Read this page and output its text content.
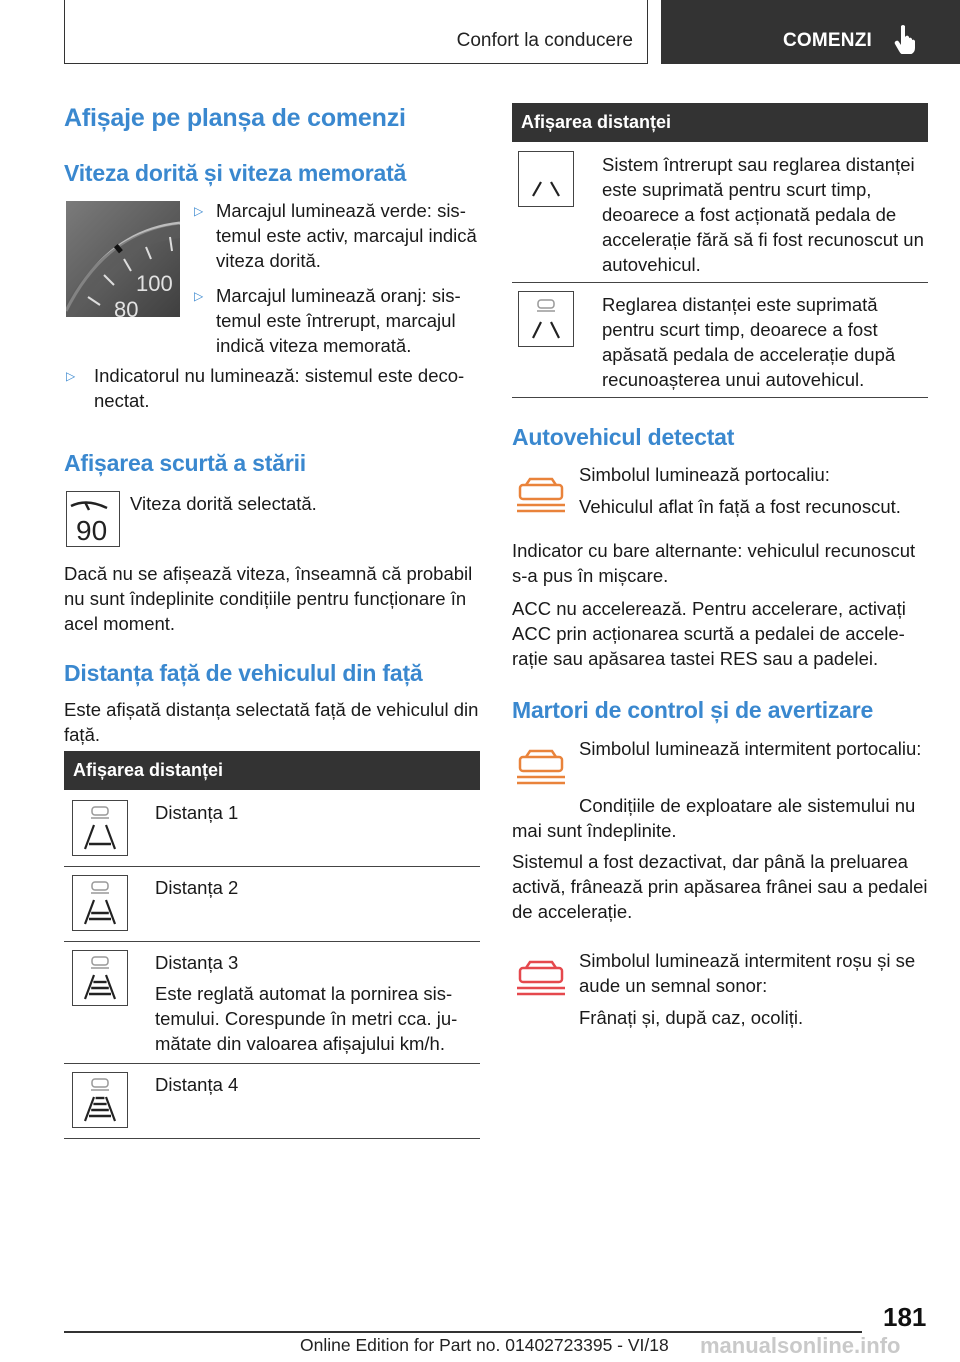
Confort la conducere	COMENZI
Afișaje pe planșa de comenzi
Viteza dorită și viteza memorată
100
80
▷ Marcajul luminează verde: sistemul este activ, marcajul indică viteza dorită.
▷ Marcajul luminează oranj: sistemul este întrerupt, marcajul indică viteza memorată.
▷	Indicatorul nu luminează: sistemul este deconectat.
Afișarea scurtă a stării
90

Viteza dorită selectată.

Dacă nu se afișează viteza, înseamnă că probabil nu sunt îndeplinite condițiile pentru funcționare în acel moment.

Distanța față de vehiculul din față

Este afișată distanța selectată față de vehiculul din față.

Afișarea distanței

Distanța 1

Distanța 2

Distanța 3

Este reglată automat la pornirea sistemului. Corespunde în metri cca. jumătate din valoarea afișajului km/h.

Distanța 4

Afișarea distanței

Sistem întrerupt sau reglarea distanței este suprimată pentru scurt timp, deoarece a fost acționată pedala de accelerație fără să fi fost recunoscut un autovehicul.

Reglarea distanței este suprimată pentru scurt timp, deoarece a fost apăsată pedala de accelerație după recunoașterea unui autovehicul.

Autovehicul detectat

Simbolul luminează portocaliu:

Vehiculul aflat în față a fost recunoscut.

Indicator cu bare alternante: vehiculul recunoscut s-a pus în mișcare.

ACC nu accelerează. Pentru accelerare, activați ACC prin acționarea scurtă a pedalei de accelerație sau apăsarea tastei RES sau a padelei.

Martori de control și de avertizare

Simbolul luminează intermitent portocaliu:

Condițiile de exploatare ale sistemului nu mai sunt îndeplinite.

Sistemul a fost dezactivat, dar până la preluarea activă, frânează prin apăsarea frânei sau a pedalei de accelerație.

Simbolul luminează intermitent roșu și se aude un semnal sonor:

Frânați și, după caz, ocoliți.

181
Online Edition for Part no. 01402723395 - VI/18 manualsonline.info
